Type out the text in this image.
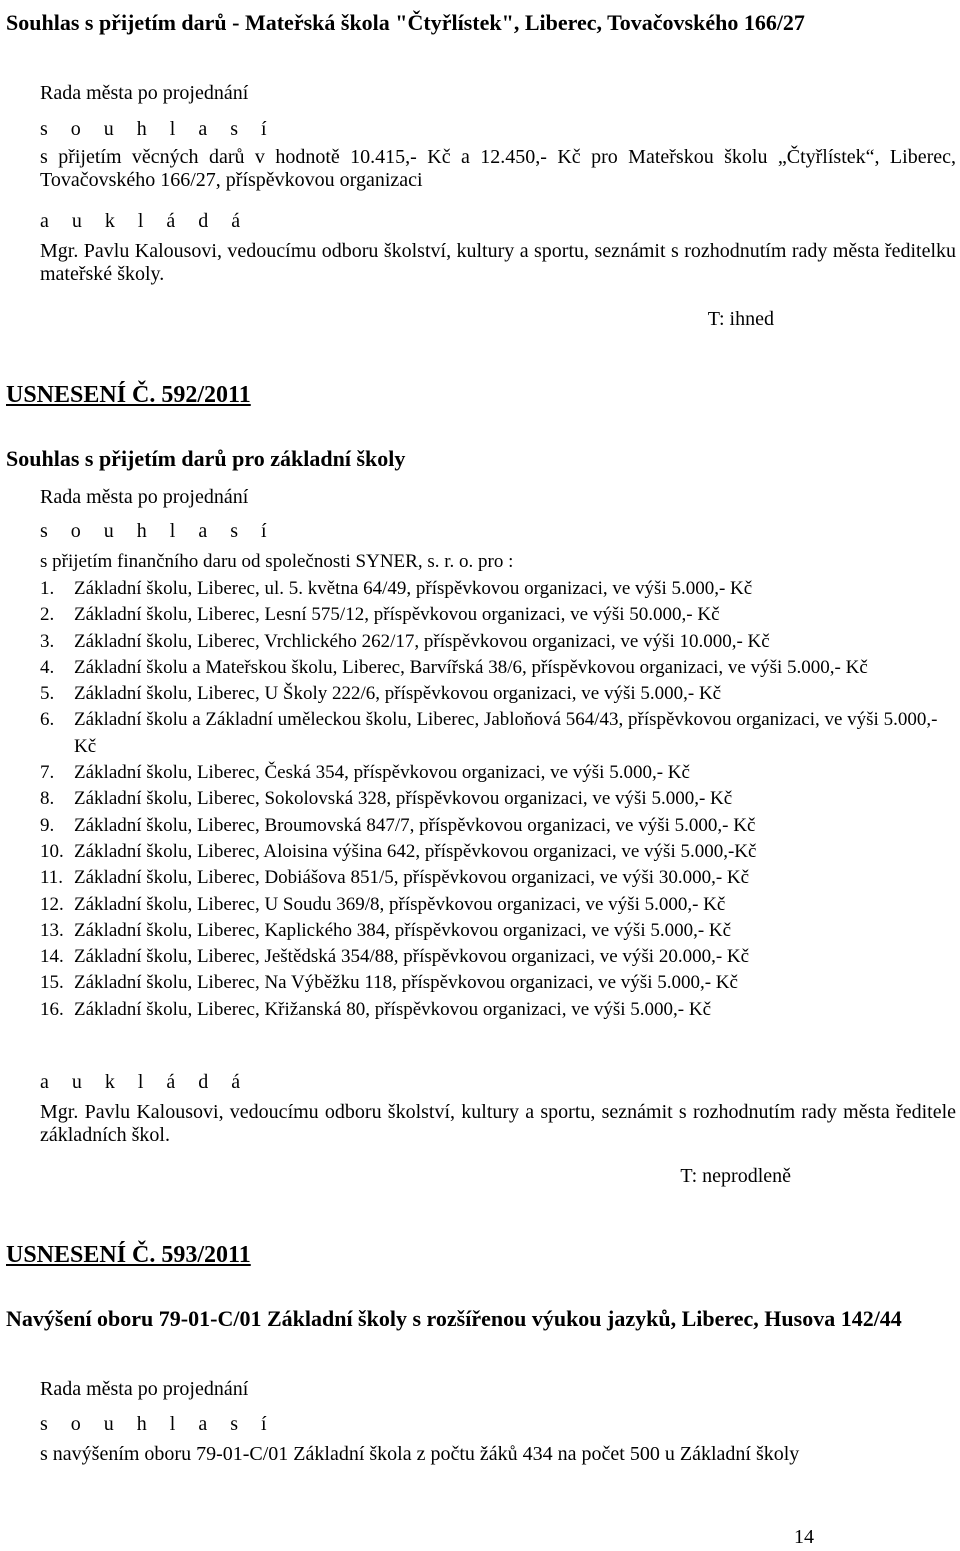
Souhlas s přijetím darů - Mateřská škola "Čtyřlístek", Liberec, Tovačovského 166/27
Rada města po projednání
s o u h l a s í
s přijetím věcných darů v hodnotě 10.415,- Kč a 12.450,- Kč pro Mateřskou školu „Čtyřlístek“, Liberec, Tovačovského 166/27, příspěvkovou organizaci
a u k l á d á
Mgr. Pavlu Kalousovi, vedoucímu odboru školství, kultury a sportu, seznámit s rozhodnutím rady města ředitelku mateřské školy.
T: ihned
USNESENÍ Č. 592/2011
Souhlas s přijetím darů pro základní školy
Rada města po projednání
s o u h l a s í
s přijetím finančního daru od společnosti SYNER, s. r. o. pro :
1.	Základní školu, Liberec, ul. 5. května 64/49, příspěvkovou organizaci, ve výši 5.000,- Kč
2.	Základní školu, Liberec, Lesní 575/12, příspěvkovou organizaci, ve výši 50.000,- Kč
3.	Základní školu, Liberec, Vrchlického 262/17, příspěvkovou organizaci, ve výši 10.000,- Kč
4.	Základní školu a Mateřskou školu, Liberec, Barvířská 38/6, příspěvkovou organizaci, ve výši 5.000,- Kč
5.	Základní školu, Liberec, U Školy 222/6, příspěvkovou organizaci, ve výši 5.000,- Kč
6.	Základní školu a Základní uměleckou školu, Liberec, Jabloňová 564/43, příspěvkovou organizaci, ve výši 5.000,- Kč
7.	Základní školu, Liberec, Česká 354, příspěvkovou organizaci, ve výši 5.000,- Kč
8.	Základní školu, Liberec, Sokolovská 328, příspěvkovou organizaci, ve výši 5.000,- Kč
9.	Základní školu, Liberec, Broumovská 847/7, příspěvkovou organizaci, ve výši 5.000,- Kč
10. Základní školu, Liberec, Aloisina výšina 642, příspěvkovou organizaci, ve výši 5.000,-Kč
11. Základní školu, Liberec, Dobiášova 851/5, příspěvkovou organizaci, ve výši 30.000,- Kč
12. Základní školu, Liberec, U Soudu 369/8, příspěvkovou organizaci, ve výši 5.000,- Kč
13. Základní školu, Liberec, Kaplického 384, příspěvkovou organizaci, ve výši 5.000,- Kč
14. Základní školu, Liberec, Ještědská 354/88, příspěvkovou organizaci, ve výši 20.000,- Kč
15. Základní školu, Liberec, Na Výběžku 118, příspěvkovou organizaci, ve výši 5.000,- Kč
16. Základní školu, Liberec, Křižanská 80, příspěvkovou organizaci, ve výši 5.000,- Kč
a u k l á d á
Mgr. Pavlu Kalousovi, vedoucímu odboru školství, kultury a sportu, seznámit s rozhodnutím rady města ředitele základních škol.
T: neprodleně
USNESENÍ Č. 593/2011
Navýšení oboru 79-01-C/01 Základní školy s rozšířenou výukou jazyků, Liberec, Husova 142/44
Rada města po projednání
s o u h l a s í
s navýšením oboru 79-01-C/01 Základní škola z počtu žáků 434 na počet 500 u Základní školy
14
